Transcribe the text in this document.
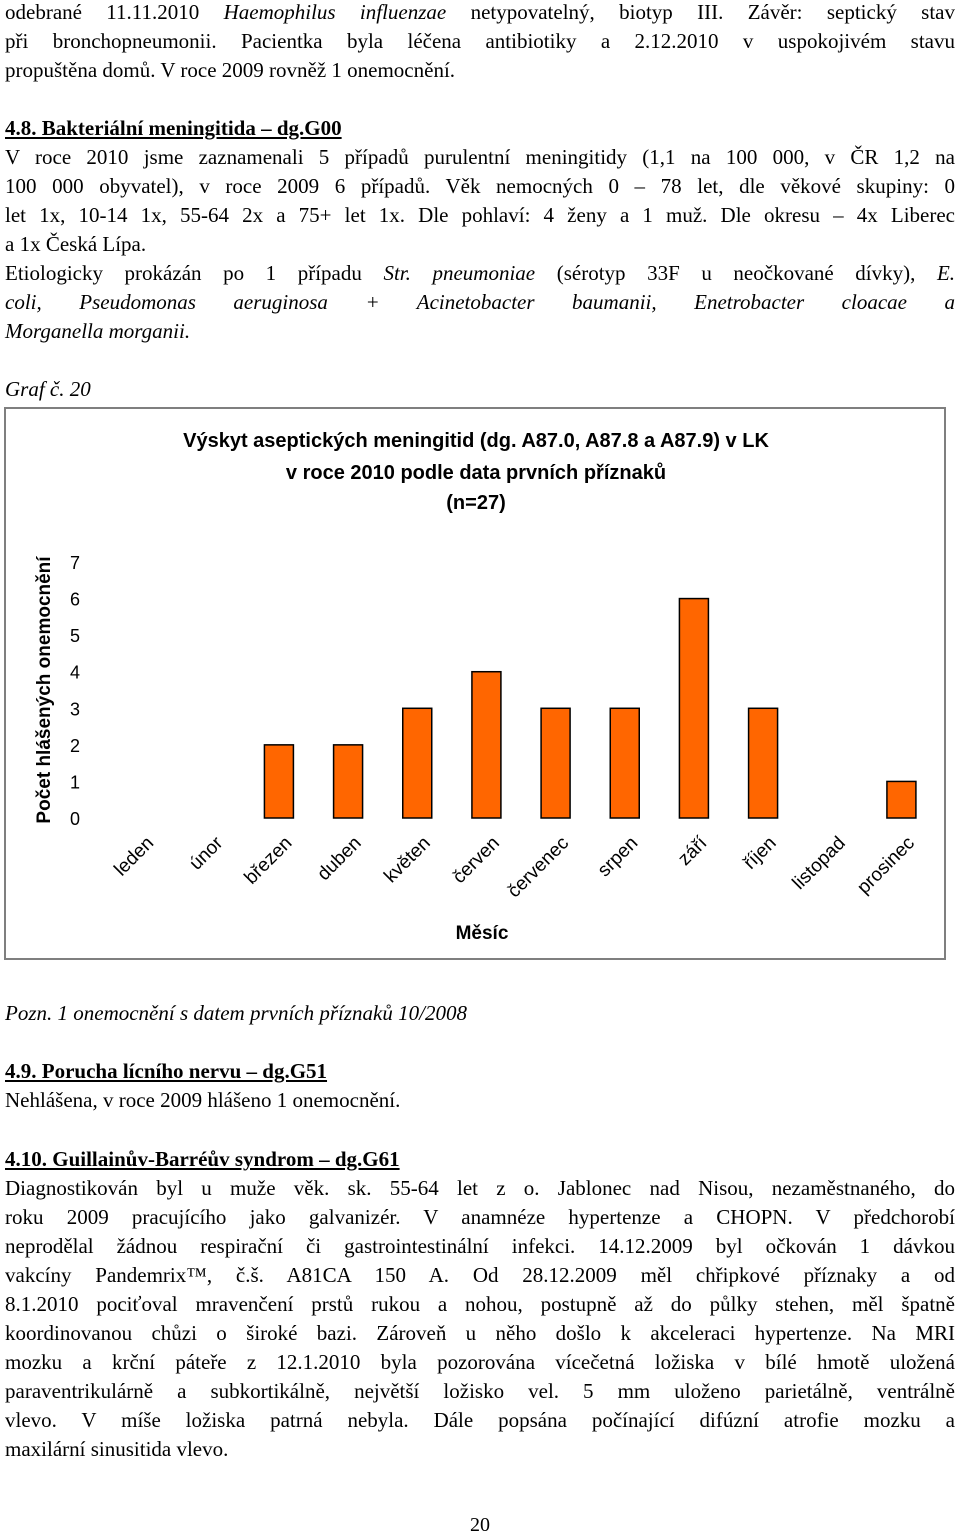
odebrané 11.11.2010 Haemophilus influenzae netypovatelný, biotyp III. Závěr: septický stav
při bronchopneumonii. Pacientka byla léčena antibiotiky a 2.12.2010 v uspokojivém stavu
propuštěna domů. V roce 2009 rovněž 1 onemocnění.
4.8. Bakteriální meningitida – dg.G00
V roce 2010 jsme zaznamenali 5 případů purulentní meningitidy (1,1 na 100 000, v ČR 1,2 na
100 000 obyvatel), v roce 2009 6 případů. Věk nemocných 0 – 78 let, dle věkové skupiny: 0
let 1x, 10-14 1x, 55-64 2x a 75+ let 1x. Dle pohlaví: 4 ženy a 1 muž. Dle okresu – 4x Liberec
a 1x Česká Lípa.
Etiologicky prokázán po 1 případu Str. pneumoniae (sérotyp 33F u neočkované dívky), E.
coli, Pseudomonas aeruginosa + Acinetobacter baumanii, Enetrobacter cloacae a
Morganella morganii.
Graf č. 20
Výskyt aseptických meningitid (dg. A87.0, A87.8 a A87.9) v LK
v roce 2010 podle data prvních příznaků
(n=27)
0
1
2
3
4
5
6
7
leden únor březen duben květen červen červenec srpen září říjen listopad prosinec
Měsíc
Počet hlášených onemocnění
Pozn. 1 onemocnění s datem prvních příznaků 10/2008
4.9. Porucha lícního nervu – dg.G51
Nehlášena, v roce 2009 hlášeno 1 onemocnění.
4.10. Guillainův-Barréův syndrom – dg.G61
Diagnostikován byl u muže věk. sk. 55-64 let z o. Jablonec nad Nisou, nezaměstnaného, do
roku 2009 pracujícího jako galvanizér. V anamnéze hypertenze a CHOPN. V předchorobí
neprodělal žádnou respirační či gastrointestinální infekci. 14.12.2009 byl očkován 1 dávkou
vakcíny Pandemrix™, č.š. A81CA 150 A. Od 28.12.2009 měl chřipkové příznaky a od
8.1.2010 pociťoval mravenčení prstů rukou a nohou, postupně až do půlky stehen, měl špatně
koordinovanou chůzi o široké bazi. Zároveň u něho došlo k akceleraci hypertenze. Na MRI
mozku a krční páteře z 12.1.2010 byla pozorována vícečetná ložiska v bílé hmotě uložená
paraventrikulárně a subkortikálně, největší ložisko vel. 5 mm uloženo parietálně, ventrálně
vlevo. V míše ložiska patrná nebyla. Dále popsána počínající difúzní atrofie mozku a
maxilární sinusitida vlevo.
20
